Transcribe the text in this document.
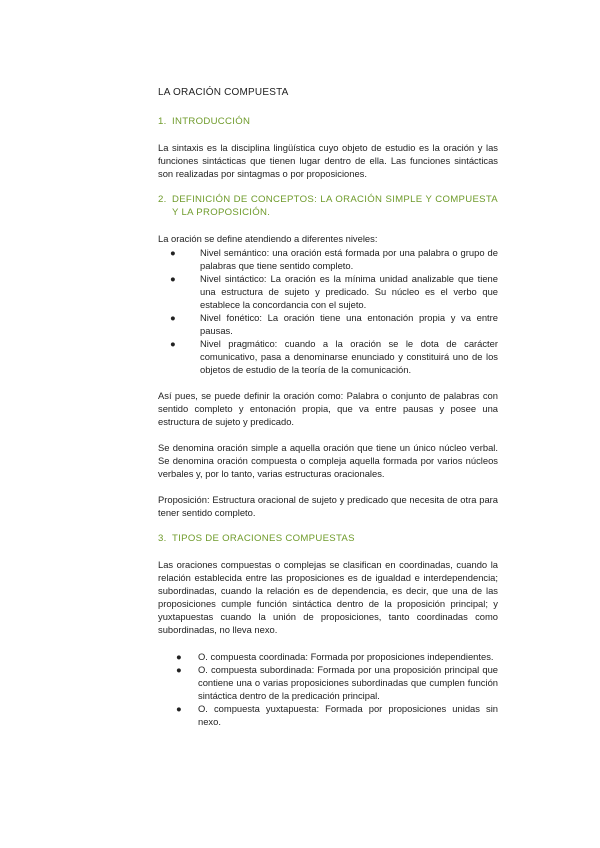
LA ORACIÓN COMPUESTA
1. INTRODUCCIÓN

La sintaxis es la disciplina lingüística cuyo objeto de estudio es la oración y las funciones sintácticas que tienen lugar dentro de ella. Las funciones sintácticas son realizadas por sintagmas o por proposiciones.

2. DEFINICIÓN DE CONCEPTOS: LA ORACIÓN SIMPLE Y COMPUESTA Y LA PROPOSICIÓN.

La oración se define atendiendo a diferentes niveles:

●	Nivel semántico: una oración está formada por una palabra o grupo de palabras que tiene sentido completo.
●	Nivel sintáctico: La oración es la mínima unidad analizable que tiene una estructura de sujeto y predicado. Su núcleo es el verbo que establece la concordancia con el sujeto.
●	Nivel fonético: La oración tiene una entonación propia y va entre pausas.
●	Nivel pragmático: cuando a la oración se le dota de carácter comunicativo, pasa a denominarse enunciado y constituirá uno de los objetos de estudio de la teoría de la comunicación.

Así pues, se puede definir la oración como: Palabra o conjunto de palabras con sentido completo y entonación propia, que va entre pausas y posee una estructura de sujeto y predicado.

Se denomina oración simple a aquella oración que tiene un único núcleo verbal. Se denomina oración compuesta o compleja aquella formada por varios núcleos verbales y, por lo tanto, varias estructuras oracionales.

Proposición: Estructura oracional de sujeto y predicado que necesita de otra para tener sentido completo.

3. TIPOS DE ORACIONES COMPUESTAS

Las oraciones compuestas o complejas se clasifican en coordinadas, cuando la relación establecida entre las proposiciones es de igualdad e interdependencia; subordinadas, cuando la relación es de dependencia, es decir, que una de las proposiciones cumple función sintáctica dentro de la proposición principal; y yuxtapuestas cuando la unión de proposiciones, tanto coordinadas como subordinadas, no lleva nexo.

●	O. compuesta coordinada: Formada por proposiciones independientes.
●	O. compuesta subordinada: Formada por una proposición principal que contiene una o varias proposiciones subordinadas que cumplen función sintáctica dentro de la predicación principal.
●	O. compuesta yuxtapuesta: Formada por proposiciones unidas sin nexo.
